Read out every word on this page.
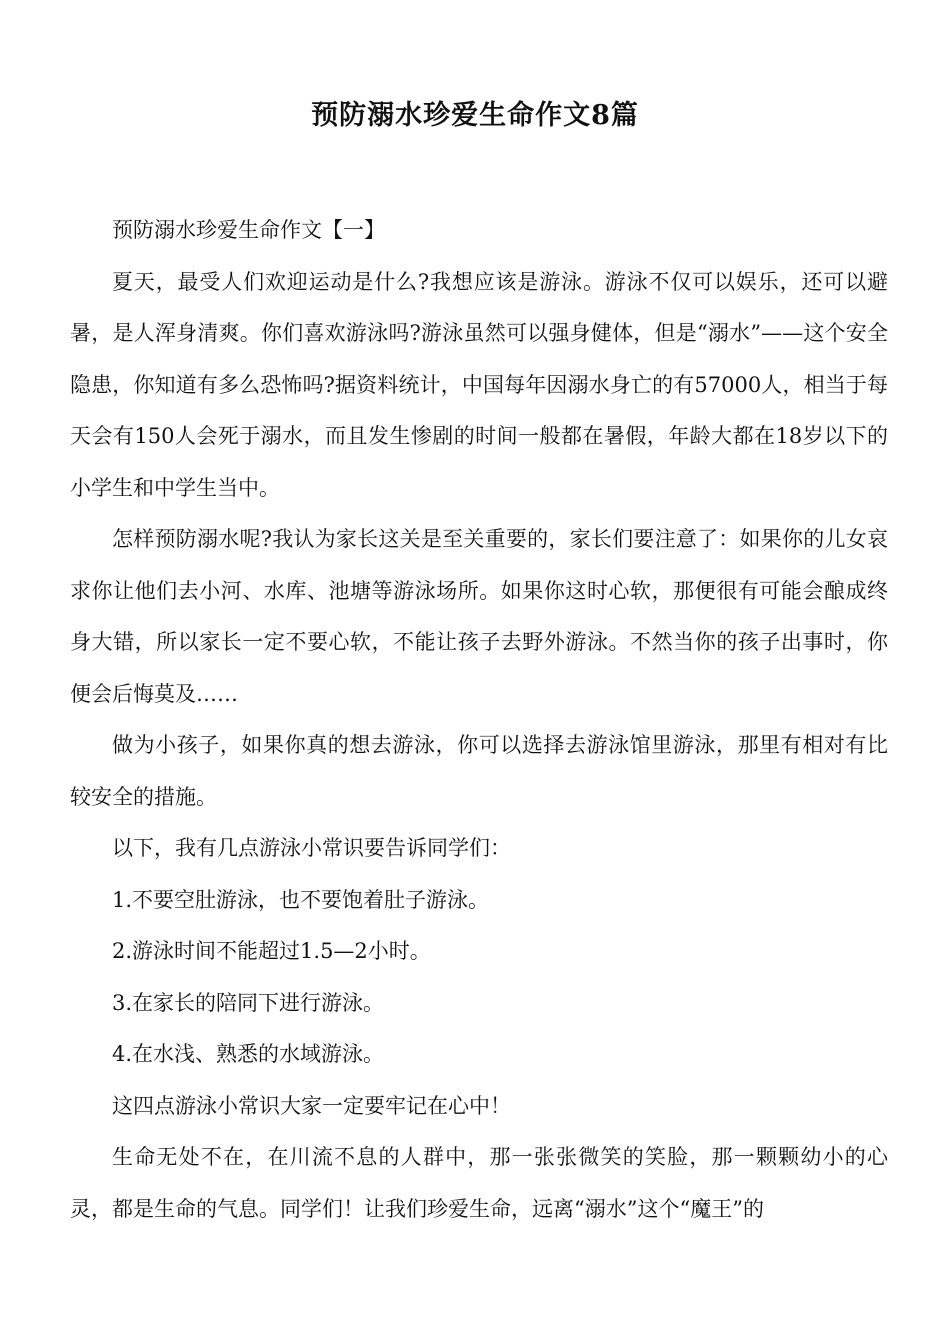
预防溺水珍爱生命作文8篇

预防溺水珍爱生命作文【一】

夏天，最受人们欢迎运动是什么?我想应该是游泳。游泳不仅可以娱乐，还可以避暑，是人浑身清爽。你们喜欢游泳吗?游泳虽然可以强身健体，但是“溺水”——这个安全隐患，你知道有多么恐怖吗?据资料统计，中国每年因溺水身亡的有57000人，相当于每天会有150人会死于溺水，而且发生惨剧的时间一般都在暑假，年龄大都在18岁以下的小学生和中学生当中。

怎样预防溺水呢?我认为家长这关是至关重要的，家长们要注意了：如果你的儿女哀求你让他们去小河、水库、池塘等游泳场所。如果你这时心软，那便很有可能会酿成终身大错，所以家长一定不要心软，不能让孩子去野外游泳。不然当你的孩子出事时，你便会后悔莫及……

做为小孩子，如果你真的想去游泳，你可以选择去游泳馆里游泳，那里有相对有比较安全的措施。

以下，我有几点游泳小常识要告诉同学们：

1.不要空肚游泳，也不要饱着肚子游泳。

2.游泳时间不能超过1.5—2小时。

3.在家长的陪同下进行游泳。

4.在水浅、熟悉的水域游泳。

这四点游泳小常识大家一定要牢记在心中！

生命无处不在，在川流不息的人群中，那一张张微笑的笑脸，那一颗颗幼小的心灵，都是生命的气息。同学们！让我们珍爱生命，远离“溺水”这个“魔王”的
